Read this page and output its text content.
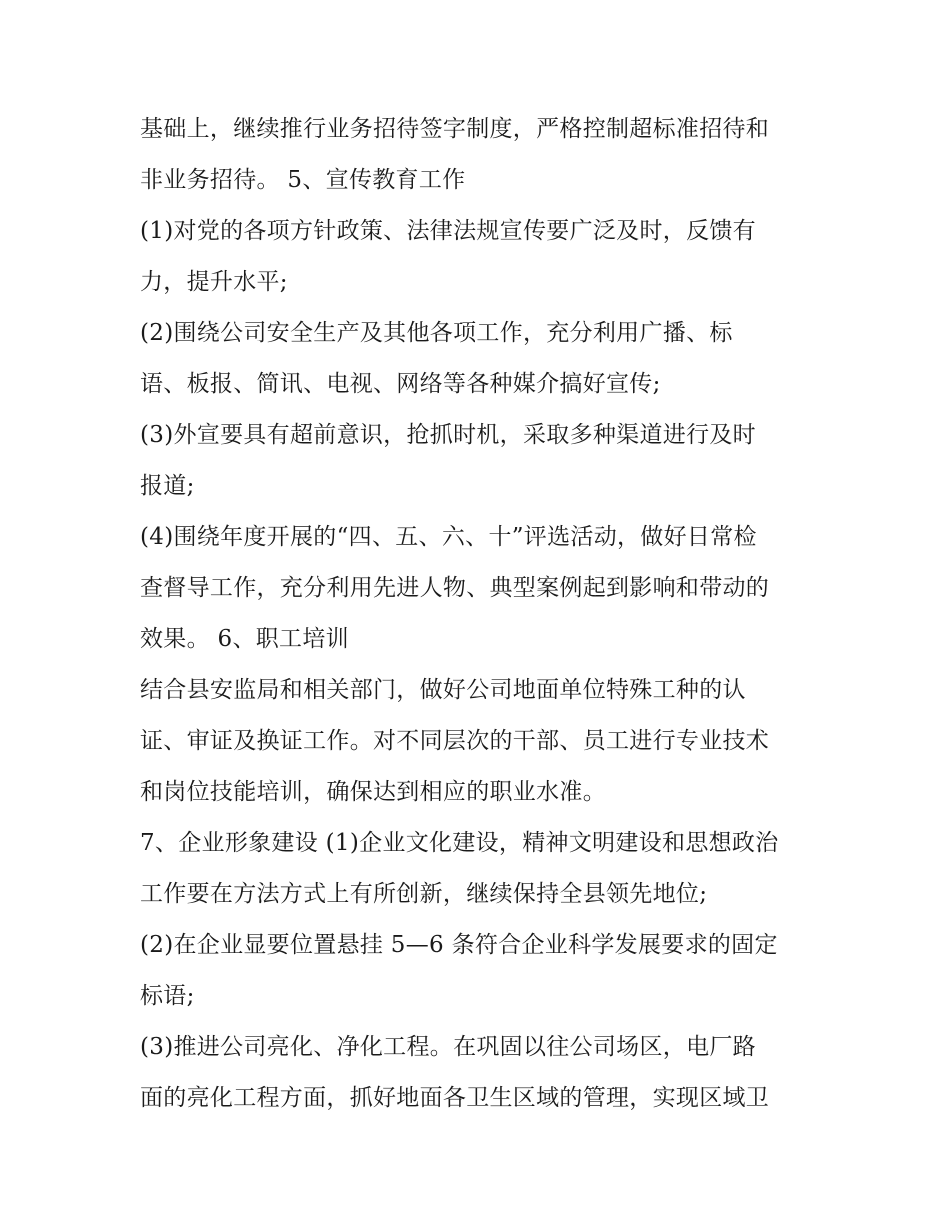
基础上，继续推行业务招待签字制度，严格控制超标准招待和
非业务招待。 5、宣传教育工作
(1)对党的各项方针政策、法律法规宣传要广泛及时，反馈有
力，提升水平;
(2)围绕公司安全生产及其他各项工作，充分利用广播、标
语、板报、简讯、电视、网络等各种媒介搞好宣传;
(3)外宣要具有超前意识，抢抓时机，采取多种渠道进行及时
报道;
(4)围绕年度开展的“四、五、六、十”评选活动，做好日常检
查督导工作，充分利用先进人物、典型案例起到影响和带动的
效果。 6、职工培训
结合县安监局和相关部门，做好公司地面单位特殊工种的认
证、审证及换证工作。对不同层次的干部、员工进行专业技术
和岗位技能培训，确保达到相应的职业水准。
7、企业形象建设 (1)企业文化建设，精神文明建设和思想政治
工作要在方法方式上有所创新，继续保持全县领先地位;
(2)在企业显要位置悬挂 5—6 条符合企业科学发展要求的固定
标语;
(3)推进公司亮化、净化工程。在巩固以往公司场区，电厂路
面的亮化工程方面，抓好地面各卫生区域的管理，实现区域卫
